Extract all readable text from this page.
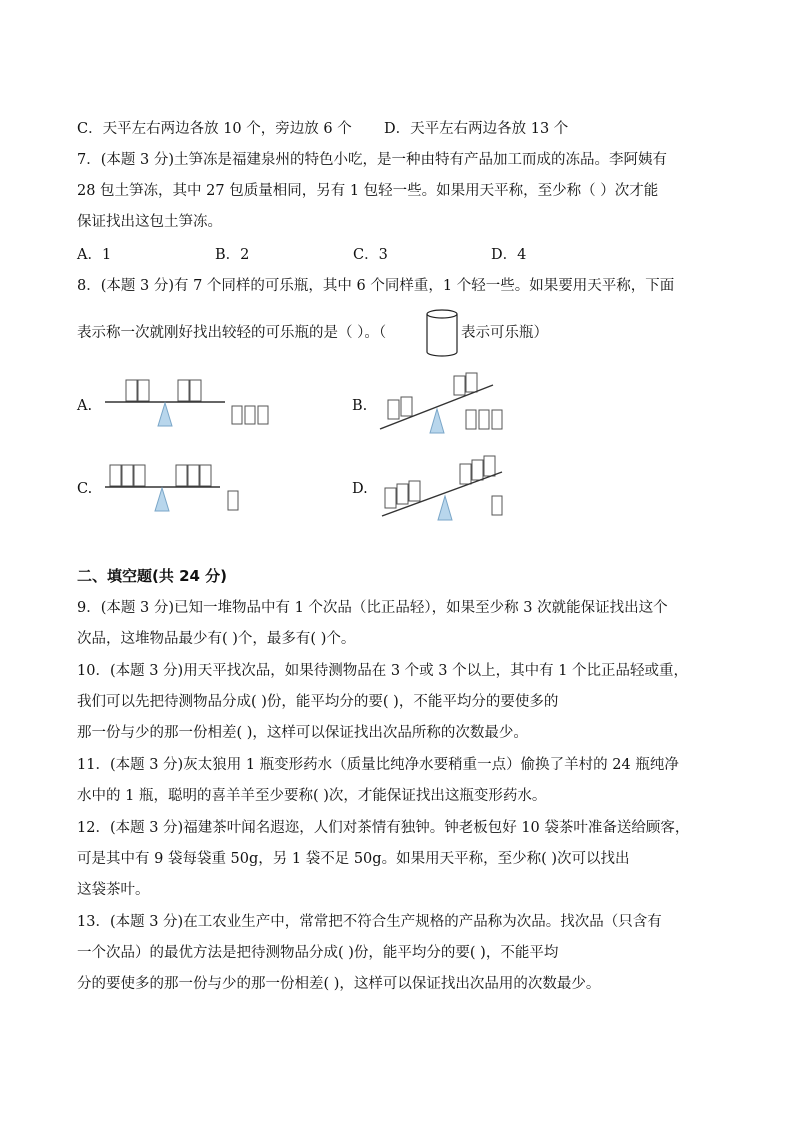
C．天平左右两边各放 10 个，旁边放 6 个 D．天平左右两边各放 13 个
7．(本题 3 分)土笋冻是福建泉州的特色小吃，是一种由特有产品加工而成的冻品。李阿姨有
28 包土笋冻，其中 27 包质量相同，另有 1 包轻一些。如果用天平称，至少称（ ）次才能
保证找出这包土笋冻。
A．1	B．2	C．3	D．4
8．(本题 3 分)有 7 个同样的可乐瓶，其中 6 个同样重，1 个轻一些。如果要用天平称，下面
表示称一次就刚好找出较轻的可乐瓶的是（ ）。（	表示可乐瓶）
A.	B.
C.	D.
二、填空题(共 24 分)
9．(本题 3 分)已知一堆物品中有 1 个次品（比正品轻），如果至少称 3 次就能保证找出这个
次品，这堆物品最少有( )个，最多有( )个。
10．(本题 3 分)用天平找次品，如果待测物品在 3 个或 3 个以上，其中有 1 个比正品轻或重，
我们可以先把待测物品分成( )份，能平均分的要( )，不能平均分的要使多的
那一份与少的那一份相差( )，这样可以保证找出次品所称的次数最少。
11．(本题 3 分)灰太狼用 1 瓶变形药水（质量比纯净水要稍重一点）偷换了羊村的 24 瓶纯净
水中的 1 瓶，聪明的喜羊羊至少要称( )次，才能保证找出这瓶变形药水。
12．(本题 3 分)福建茶叶闻名遐迩，人们对茶情有独钟。钟老板包好 10 袋茶叶准备送给顾客，
可是其中有 9 袋每袋重 50g，另 1 袋不足 50g。如果用天平称，至少称( )次可以找出
这袋茶叶。
13．(本题 3 分)在工农业生产中，常常把不符合生产规格的产品称为次品。找次品（只含有
一个次品）的最优方法是把待测物品分成( )份，能平均分的要( )，不能平均
分的要使多的那一份与少的那一份相差( )，这样可以保证找出次品用的次数最少。
